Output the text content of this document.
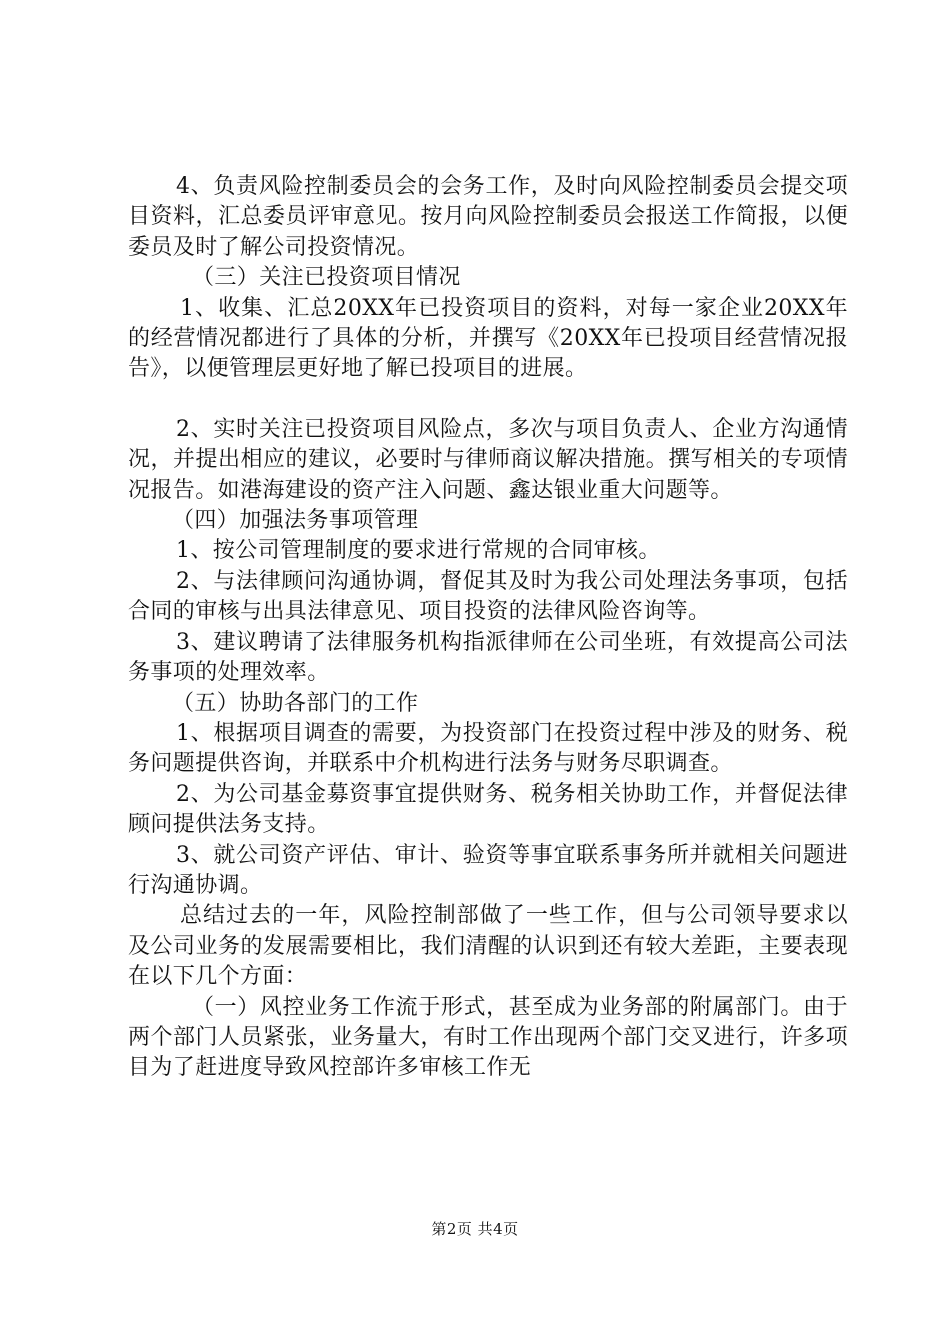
4、负责风险控制委员会的会务工作，及时向风险控制委员会提交项目资料，汇总委员评审意见。按月向风险控制委员会报送工作简报，以便委员及时了解公司投资情况。

（三）关注已投资项目情况

1、收集、汇总20XX年已投资项目的资料，对每一家企业20XX年的经营情况都进行了具体的分析，并撰写《20XX年已投项目经营情况报告》，以便管理层更好地了解已投项目的进展。

2、实时关注已投资项目风险点，多次与项目负责人、企业方沟通情况，并提出相应的建议，必要时与律师商议解决措施。撰写相关的专项情况报告。如港海建设的资产注入问题、鑫达银业重大问题等。

（四）加强法务事项管理

1、按公司管理制度的要求进行常规的合同审核。

2、与法律顾问沟通协调，督促其及时为我公司处理法务事项，包括合同的审核与出具法律意见、项目投资的法律风险咨询等。

3、建议聘请了法律服务机构指派律师在公司坐班，有效提高公司法务事项的处理效率。

（五）协助各部门的工作

1、根据项目调查的需要，为投资部门在投资过程中涉及的财务、税务问题提供咨询，并联系中介机构进行法务与财务尽职调查。

2、为公司基金募资事宜提供财务、税务相关协助工作，并督促法律顾问提供法务支持。

3、就公司资产评估、审计、验资等事宜联系事务所并就相关问题进行沟通协调。

总结过去的一年，风险控制部做了一些工作，但与公司领导要求以及公司业务的发展需要相比，我们清醒的认识到还有较大差距，主要表现在以下几个方面：

（一）风控业务工作流于形式，甚至成为业务部的附属部门。由于两个部门人员紧张，业务量大，有时工作出现两个部门交叉进行，许多项目为了赶进度导致风控部许多审核工作无

第2页 共4页
